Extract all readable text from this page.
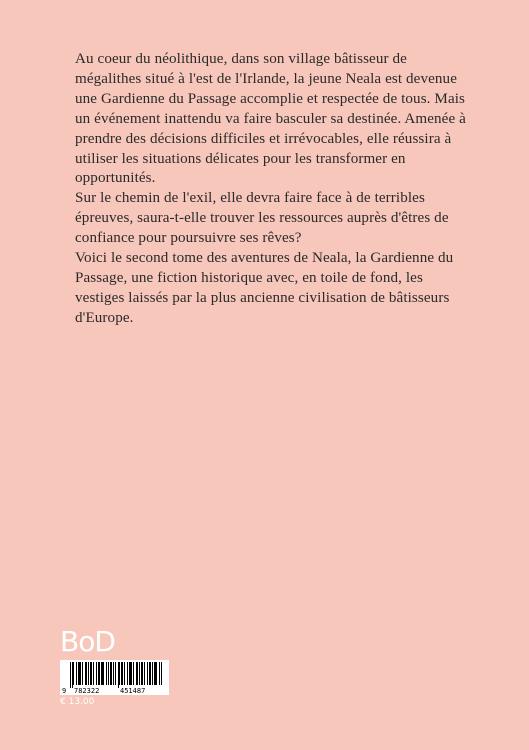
Au coeur du néolithique, dans son village bâtisseur de mégalithes situé à l'est de l'Irlande, la jeune Neala est devenue une Gardienne du Passage accomplie et respectée de tous. Mais un événement inattendu va faire basculer sa destinée. Amenée à prendre des décisions difficiles et irrévocables, elle réussira à utiliser les situations délicates pour les transformer en opportunités.

Sur le chemin de l'exil, elle devra faire face à de terribles épreuves, saura-t-elle trouver les ressources auprès d'êtres de confiance pour poursuivre ses rêves?

Voici le second tome des aventures de Neala, la Gardienne du Passage, une fiction historique avec, en toile de fond, les vestiges laissés par la plus ancienne civilisation de bâtisseurs d'Europe.

BoD
9 782322	451487
€ 13.00
